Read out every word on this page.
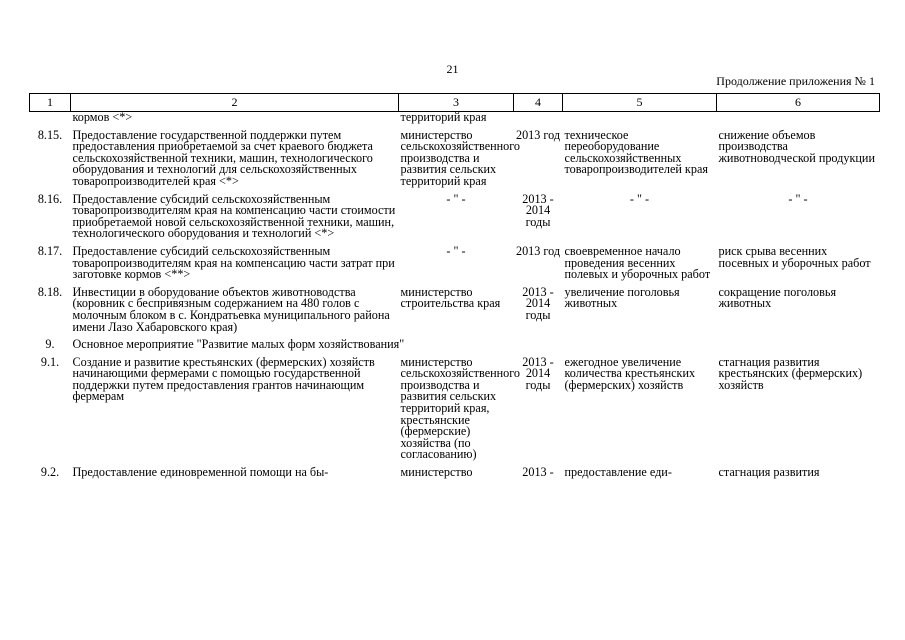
21
Продолжение приложения № 1
1	2	3	4	5	6
	кормов <*>	территорий края			
8.15.	Предоставление государственной поддержки путем предоставления приобретаемой за счет краевого бюджета сельскохозяйственной техники, машин, технологического оборудования и технологий для сельскохозяйственных товаропроизводителей края <*>	министерство сельскохозяйственного производства и развития сельских территорий края	2013 год	техническое переоборудование сельскохозяйственных товаропроизводителей края	снижение объемов производства животноводческой продукции
8.16.	Предоставление субсидий сельскохозяйственным товаропроизводителям края на компенсацию части стоимости приобретаемой новой сельскохозяйственной техники, машин, технологического оборудования и технологий <*>	- " -	2013 - 2014 годы	- " -	- " -
8.17.	Предоставление субсидий сельскохозяйственным товаропроизводителям края на компенсацию части затрат при заготовке кормов <**>	- " -	2013 год	своевременное начало проведения весенних полевых и уборочных работ	риск срыва весенних посевных и уборочных работ
8.18.	Инвестиции в оборудование объектов животноводства (коровник с беспривязным содержанием на 480 голов с молочным блоком в с. Кондратьевка муниципального района имени Лазо Хабаровского края)	министерство строительства края	2013 - 2014 годы	увеличение поголовья животных	сокращение поголовья животных
9.	Основное мероприятие "Развитие малых форм хозяйствования"				
9.1.	Создание и развитие крестьянских (фермерских) хозяйств начинающими фермерами с помощью государственной поддержки путем предоставления грантов начинающим фермерам	министерство сельскохозяйственного производства и развития сельских территорий края, крестьянские (фермерские) хозяйства (по согласованию)	2013 - 2014 годы	ежегодное увеличение количества крестьянских (фермерских) хозяйств	стагнация развития крестьянских (фермерских) хозяйств
9.2.	Предоставление единовременной помощи на бы-	министерство	2013 -	предоставление еди-	стагнация развития
